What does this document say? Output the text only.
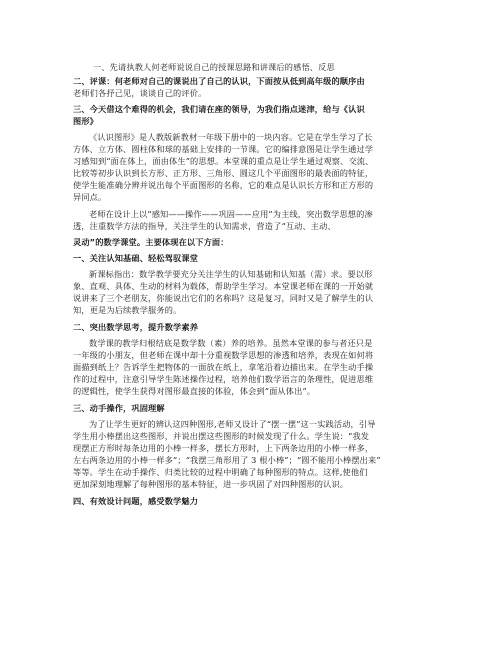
一、先请执教人何老师说说自己的授课思路和讲课后的感悟、反思
二、评课：何老师对自己的课说出了自己的认识，下面按从低到高年级的顺序由
老师们各抒己见，谈谈自己的评价。
三、今天借这个难得的机会，我们请在座的领导，为我们指点迷津，给与《认识
图形》
《认识图形》是人教版新教材一年级下册中的一块内容。它是在学生学习了长
方体、立方体、圆柱体和球的基础上安排的一节课。它的编排意图是让学生通过学
习感知到“面在体上，面由体生”的思想。本堂课的重点是让学生通过观察、交流、
比较等初步认识到长方形、正方形、三角形、圆这几个平面图形的最表面的特征，
使学生能准确分辨并说出每个平面图形的名称，它的难点是认识长方形和正方形的
异同点。
老师在设计上以“感知——操作——巩固——应用”为主线，突出数学思想的渗
透，注重数学方法的指导，关注学生的认知需求，营造了“互动、主动、
灵动”的数学课堂。主要体现在以下方面：
一、关注认知基础、轻松驾驭课堂
新课标指出：数学教学要充分关注学生的认知基础和认知基（需）求。要以形
象、直观、具体、生动的材料为载体，帮助学生学习。本堂课老师在课的一开始就
说讲来了三个老朋友，你能说出它们的名称吗？这是复习，同时又是了解学生的认
知，更是为后续教学服务的。
二、突出数学思考，提升数学素养
数学课的教学归根结底是数学数（素）养的培养。虽然本堂课的参与者还只是
一年级的小朋友，但老师在课中却十分重视数学思想的渗透和培养，表现在如何将
面描到纸上？告诉学生把物体的一面放在纸上，拿笔沿着边描出来。在学生动手操
作的过程中，注意引导学生陈述操作过程，培养他们数学语言的条理性，促进思维
的逻辑性，使学生获得对图形最直接的体验，体会到“面从体出”。
三、动手操作，巩固理解
为了让学生更好的辨认这四种图形,老师又设计了“摆一摆”这一实践活动，引导
学生用小棒摆出这些图形，并说出摆这些图形的时候发现了什么。学生说：“我发
现摆正方形时每条边用的小棒一样多，摆长方形时，上下两条边用的小棒一样多，
左右两条边用的小棒一样多”；“我摆三角形用了 3 根小棒”；“圆不能用小棒摆出来”
等等。学生在动手操作、归类比较的过程中明确了每种图形的特点。这样,使他们
更加深刻地理解了每种图形的基本特征，进一步巩固了对四种图形的认识。
四、有效设计问题，感受数学魅力
